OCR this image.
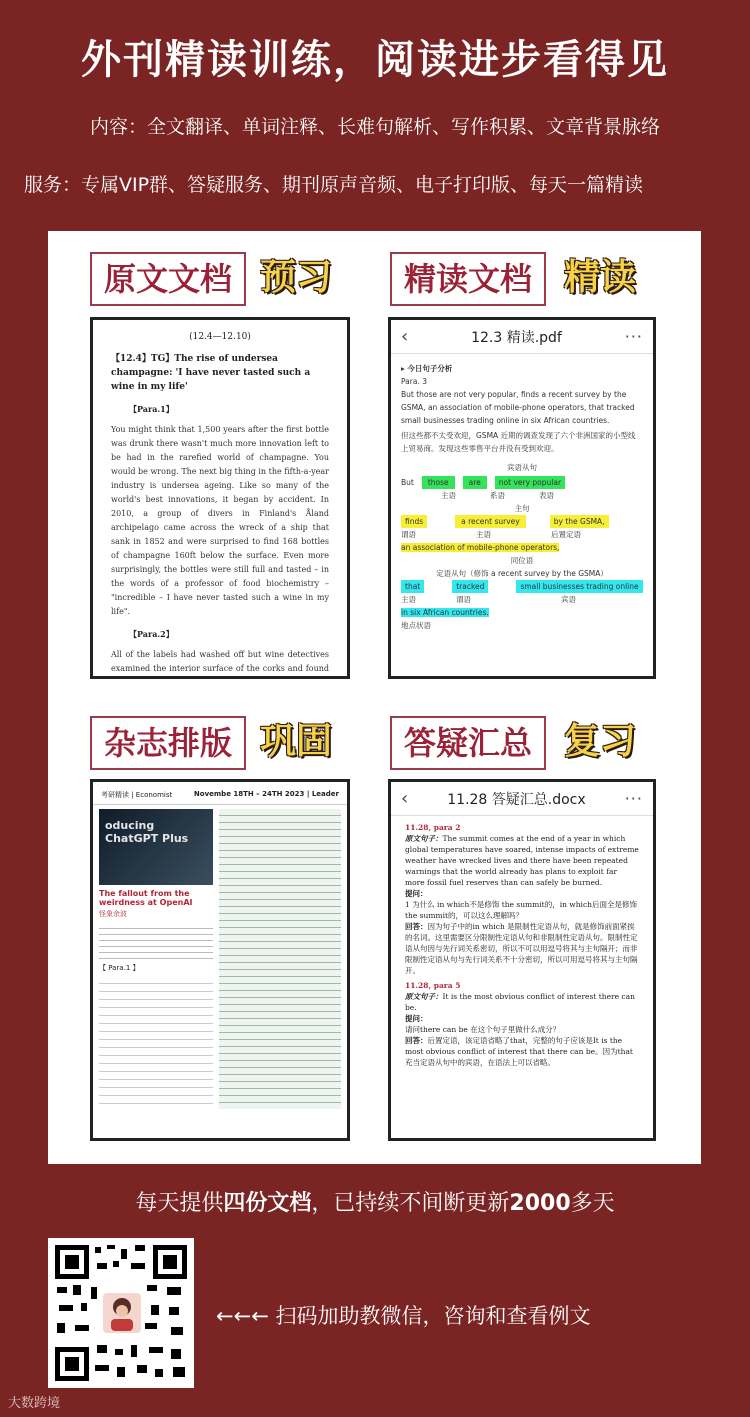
外刊精读训练，阅读进步看得见
内容：全文翻译、单词注释、长难句解析、写作积累、文章背景脉络
服务：专属VIP群、答疑服务、期刊原声音频、电子打印版、每天一篇精读
原文文档 预习	精读文档 精读
(12.4—12.10)
【12.4】TG】The rise of undersea champagne: 'I have never tasted such a wine in my life'
【Para.1】
You might think that 1,500 years after the first bottle was drunk there wasn't much more innovation left to be had in the rarefied world of champagne. You would be wrong. The next big thing in the fifth-a-year industry is undersea ageing. Like so many of the world's best innovations, it began by accident. In 2010, a group of divers in Finland's Åland archipelago came across the wreck of a ship that sank in 1852 and were surprised to find 168 bottles of champagne 160ft below the surface. Even more surprisingly, the bottles were still full and tasted – in the words of a professor of food biochemistry – "incredible – I have never tasted such a wine in my life".
【Para.2】
All of the labels had washed off but wine detectives examined the interior surface of the corks and found
‹	12.3 精读.pdf	···
▸ 今日句子分析
Para. 3
But those are not very popular, finds a recent survey by the GSMA, an association of mobile-phone operators, that tracked small businesses trading online in six African countries.
但这些都不太受欢迎，GSMA 近期的调查发现了六个非洲国家的小型线上贸易商。发现这些零售平台并没有受到欢迎。
宾语从句
But	those	are	not very popular
主语	系语	表语
主句
finds	a recent survey	by the GSMA,
谓语	主语	后置定语
an association of mobile-phone operators,
同位语
定语从句（修饰 a recent survey by the GSMA）
that	tracked	small businesses trading online
主语	谓语	宾语
in six African countries.
地点状语
杂志排版 巩固	答疑汇总 复习
考研精读 | Economist	Novembe 18TH – 24TH 2023 | Leader
oducing ChatGPT Plus
The fallout from the weirdness at OpenAI
怪象余波
【 Para.1 】
‹	11.28 答疑汇总.docx ···
11.28, para 2
原文句子：The summit comes at the end of a year in which global temperatures have soared, intense impacts of extreme weather have wrecked lives and there have been repeated warnings that the world already has plans to exploit far more fossil fuel reserves than can safely be burned.
提问：
1 为什么 in which不是修饰 the summit的，in which后面全是修饰 the summit的，可以这么理解吗？
回答：因为句子中的in which 是限制性定语从句，就是修饰前面紧挨的名词。这里需要区分限制性定语从句和非限制性定语从句。限制性定语从句因与先行词关系密切，所以不可以用逗号将其与主句隔开；而非限制性定语从句与先行词关系不十分密切，所以可用逗号将其与主句隔开。
11.28, para 5
原文句子：It is the most obvious conflict of interest there can be.
提问：
请问there can be 在这个句子里做什么成分？
回答：后置定语，该定语省略了that，完整的句子应该是It is the most obvious conflict of interest that there can be。因为that 充当定语从句中的宾语，在语法上可以省略。
每天提供四份文档，已持续不间断更新2000多天
←←← 扫码加助教微信，咨询和查看例文
大数跨境
